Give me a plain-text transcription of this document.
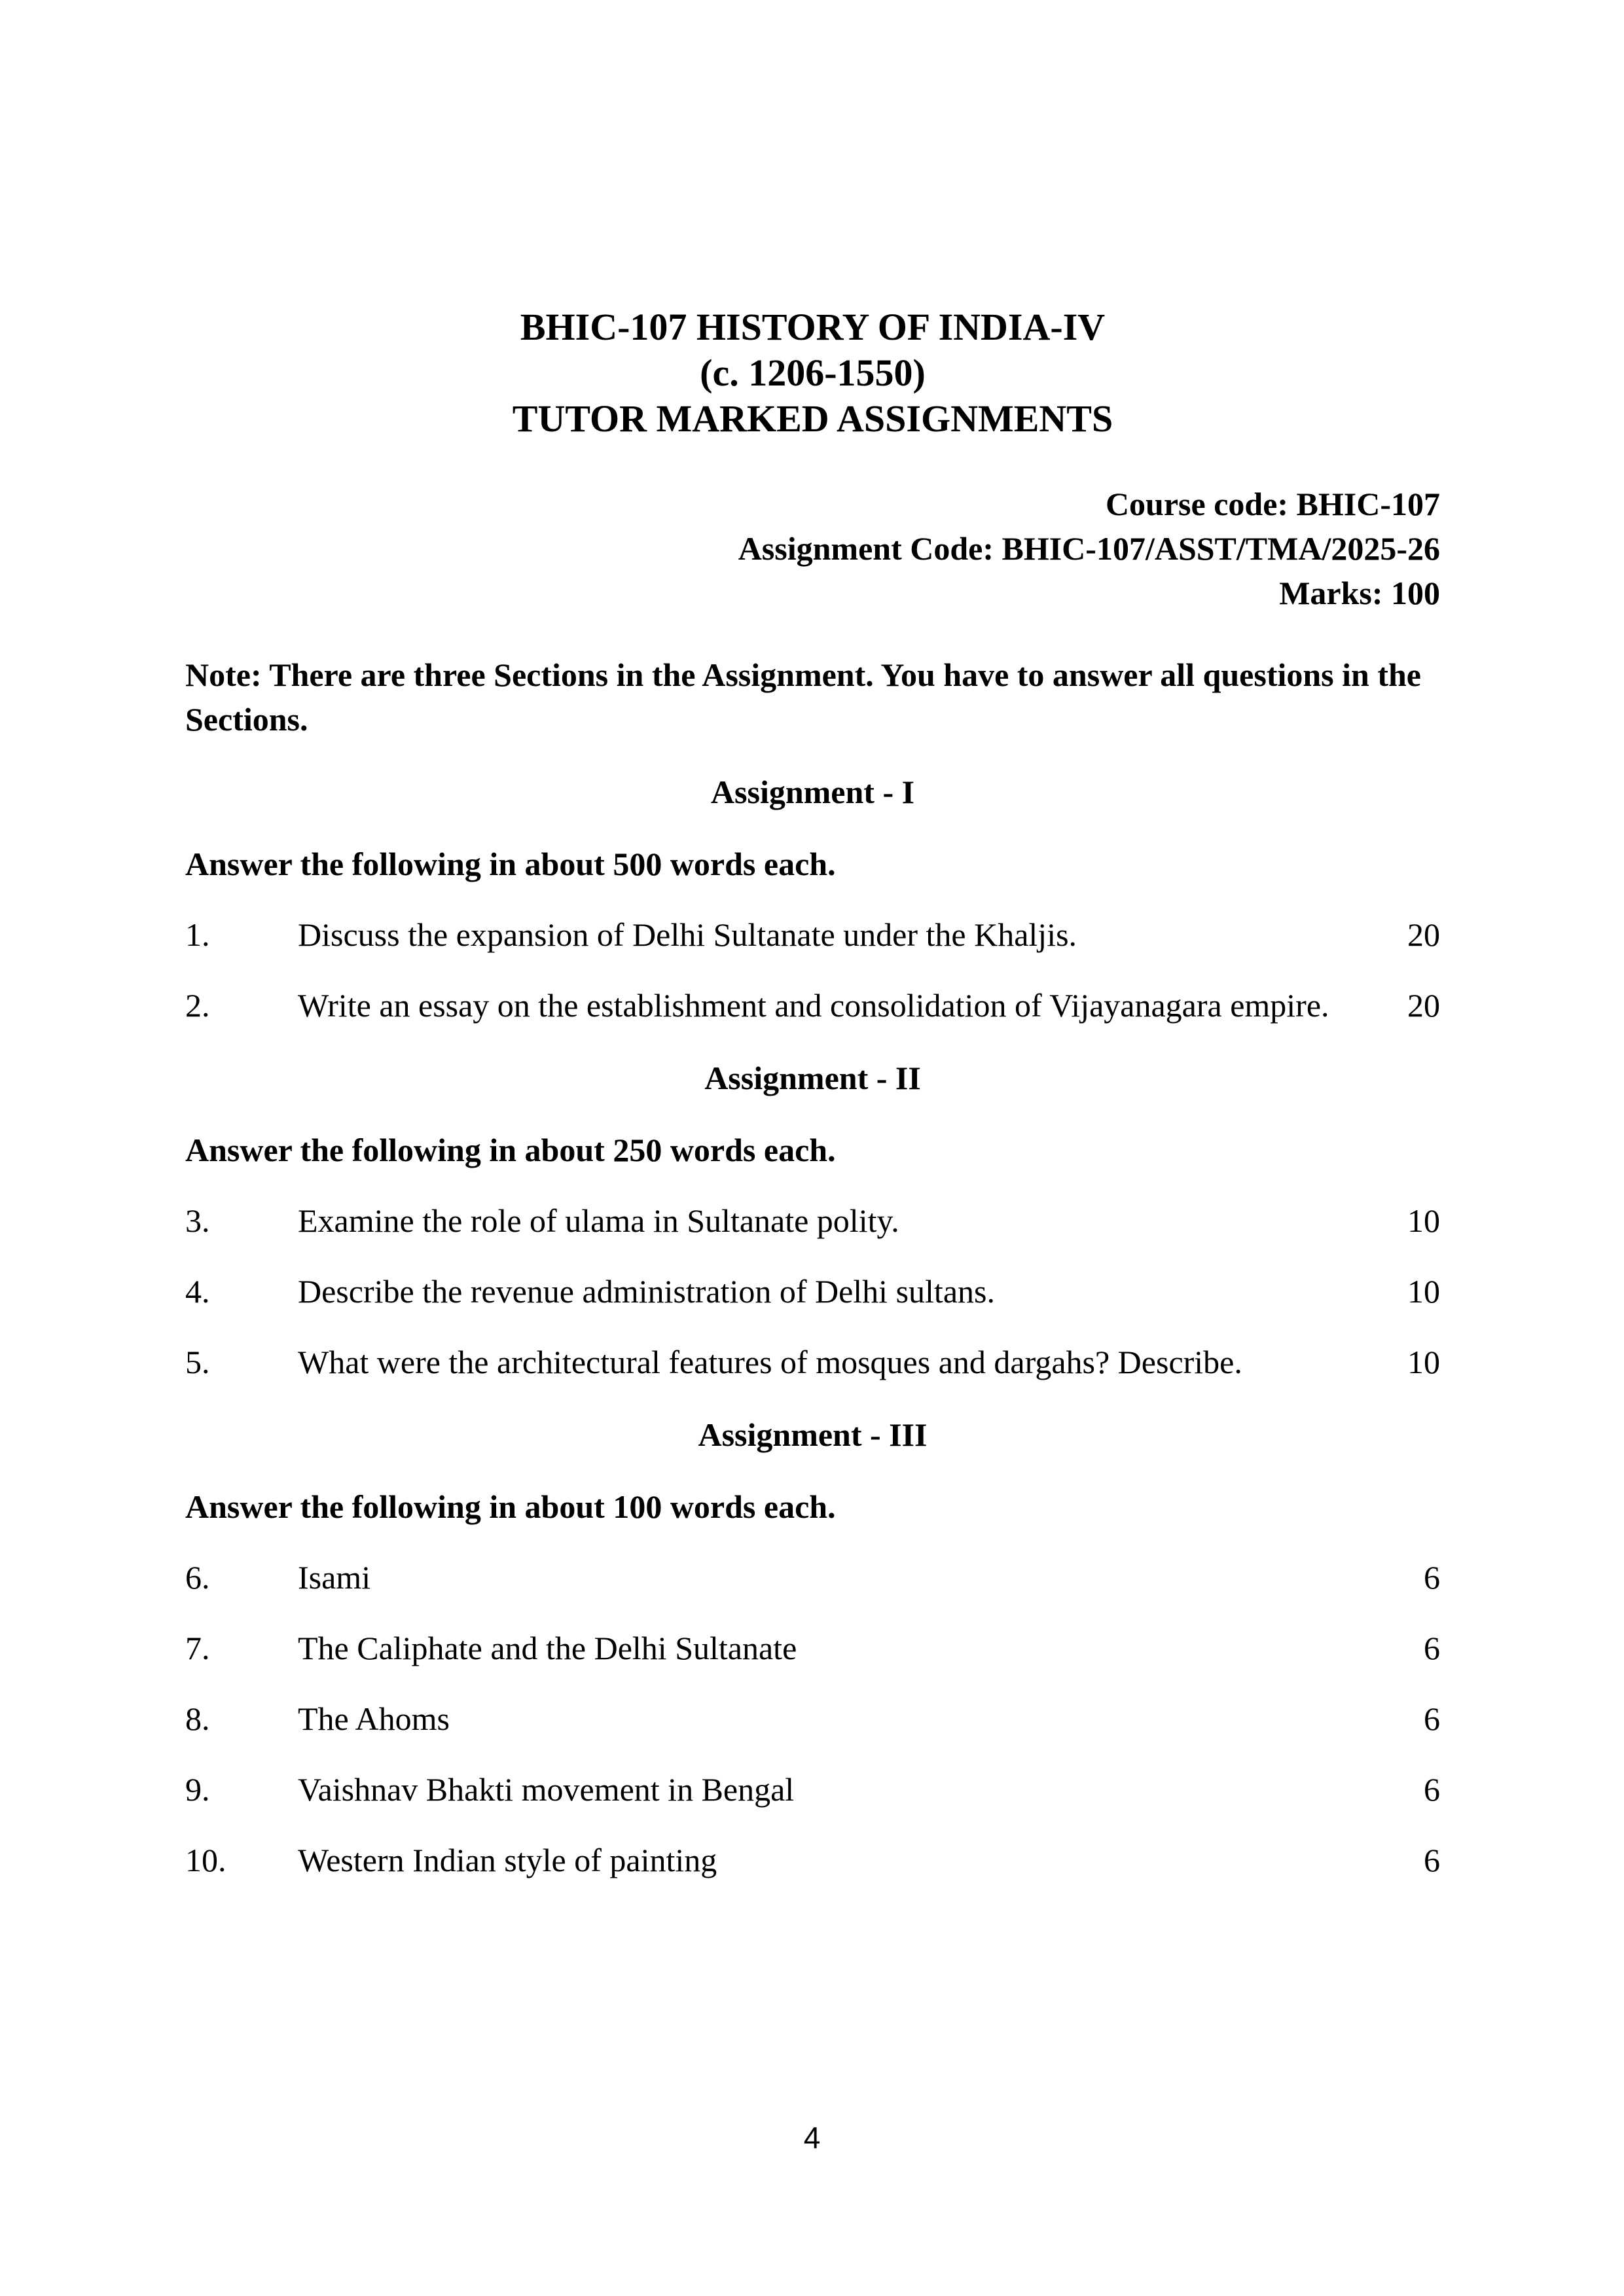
BHIC-107 HISTORY OF INDIA-IV
(c. 1206-1550)
TUTOR MARKED ASSIGNMENTS
Course code: BHIC-107
Assignment Code: BHIC-107/ASST/TMA/2025-26
Marks: 100
Note: There are three Sections in the Assignment. You have to answer all questions in the Sections.
Assignment - I
Answer the following in about 500 words each.
1.	Discuss the expansion of Delhi Sultanate under the Khaljis.	20
2.	Write an essay on the establishment and consolidation of Vijayanagara empire.	20
Assignment - II
Answer the following in about 250 words each.
3.	Examine the role of ulama in Sultanate polity.	10
4.	Describe the revenue administration of Delhi sultans.	10
5.	What were the architectural features of mosques and dargahs? Describe.	10
Assignment - III
Answer the following in about 100 words each.
6.	Isami	6
7.	The Caliphate and the Delhi Sultanate	6
8.	The Ahoms	6
9.	Vaishnav Bhakti movement in Bengal	6
10.	Western Indian style of painting	6
4
